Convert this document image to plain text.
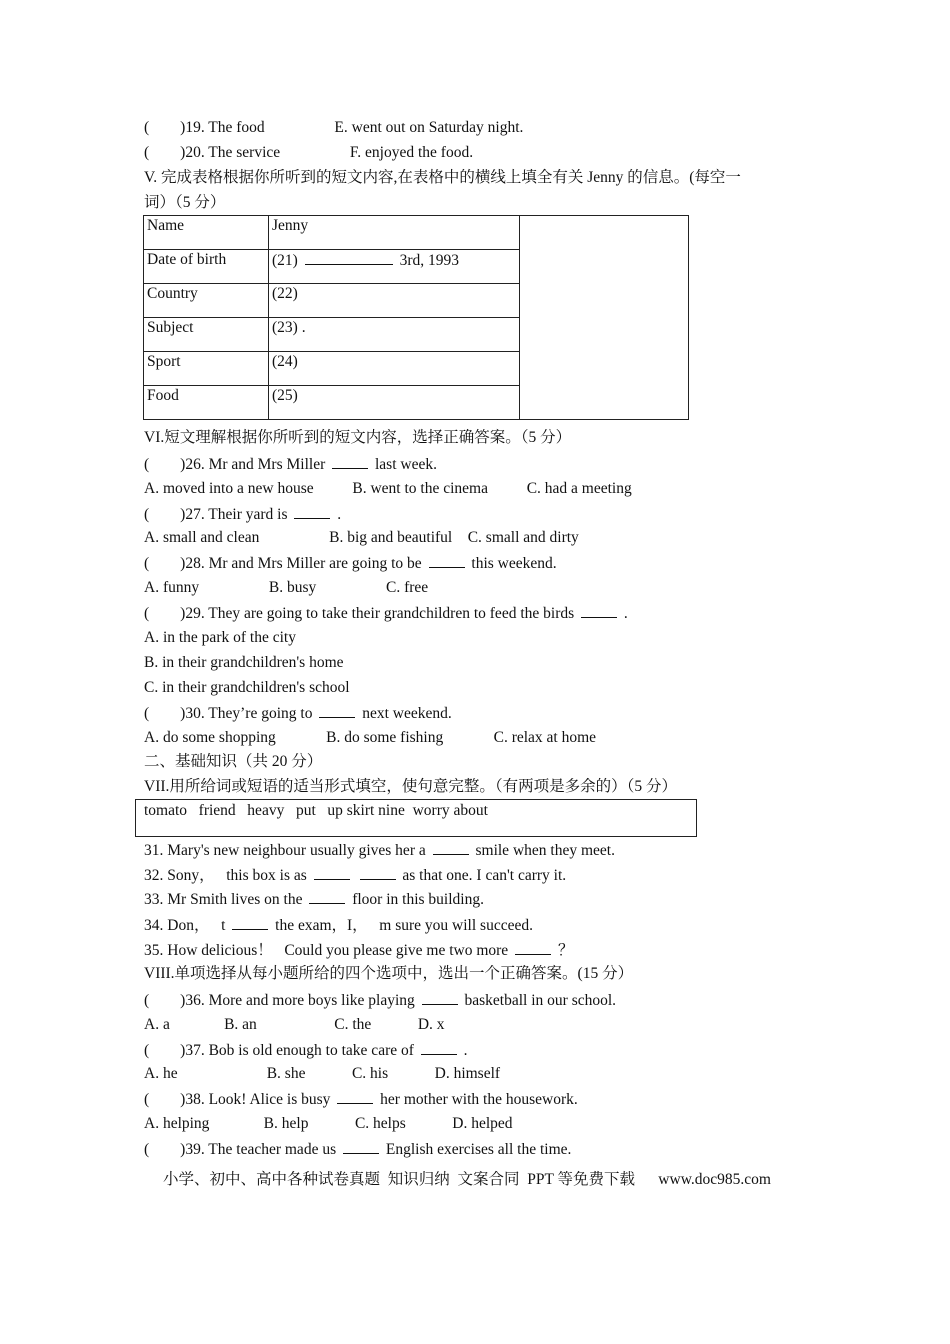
(        )19. The food                  E. went out on Saturday night.
(        )20. The service                  F. enjoyed the food.
V. 完成表格根据你所听到的短文内容,在表格中的横线上填全有关 Jenny 的信息。(每空一
词）（5 分）
Name	Jenny	
Date of birth	(21) 3rd, 1993	
Country	(22)	
Subject	(23) .	
Sport	(24)	
Food	(25)	
VI.短文理解根据你所听到的短文内容，选择正确答案。（5 分）
(        )26. Mr and Mrs Miller	last week.
A. moved into a new house          B. went to the cinema          C. had a meeting
(        )27. Their yard is	.
A. small and clean                  B. big and beautiful    C. small and dirty
(        )28. Mr and Mrs Miller are going to be	this weekend.
A. funny                  B. busy                  C. free
(        )29. They are going to take their grandchildren to feed the birds	.
A. in the park of the city
B. in their grandchildren's home
C. in their grandchildren's school
(        )30. They’re going to	next weekend.
A. do some shopping             B. do some fishing             C. relax at home
二、基础知识（共 20 分）
VII.用所给词或短语的适当形式填空，使句意完整。（有两项是多余的）（5 分）
tomato   friend   heavy   put   up skirt nine  worry about
31. Mary's new neighbour usually gives her a	smile when they meet.
32. Sony，   this box is as	as that one. I can't carry it.
33. Mr Smith lives on the	floor in this building.
34. Don，   t	the exam，I，   m sure you will succeed.
35. How delicious！   Could you please give me two more	？
VIII.单项选择从每小题所给的四个选项中，选出一个正确答案。(15 分）
(        )36. More and more boys like playing	basketball in our school.
A. a              B. an                    C. the            D. x
(        )37. Bob is old enough to take care of	.
A. he                       B. she            C. his            D. himself
(        )38. Look! Alice is busy	her mother with the housework.
A. helping              B. help            C. helps            D. helped
(        )39. The teacher made us	English exercises all the time.
小学、初中、高中各种试卷真题  知识归纳  文案合同  PPT 等免费下载      www.doc985.com
